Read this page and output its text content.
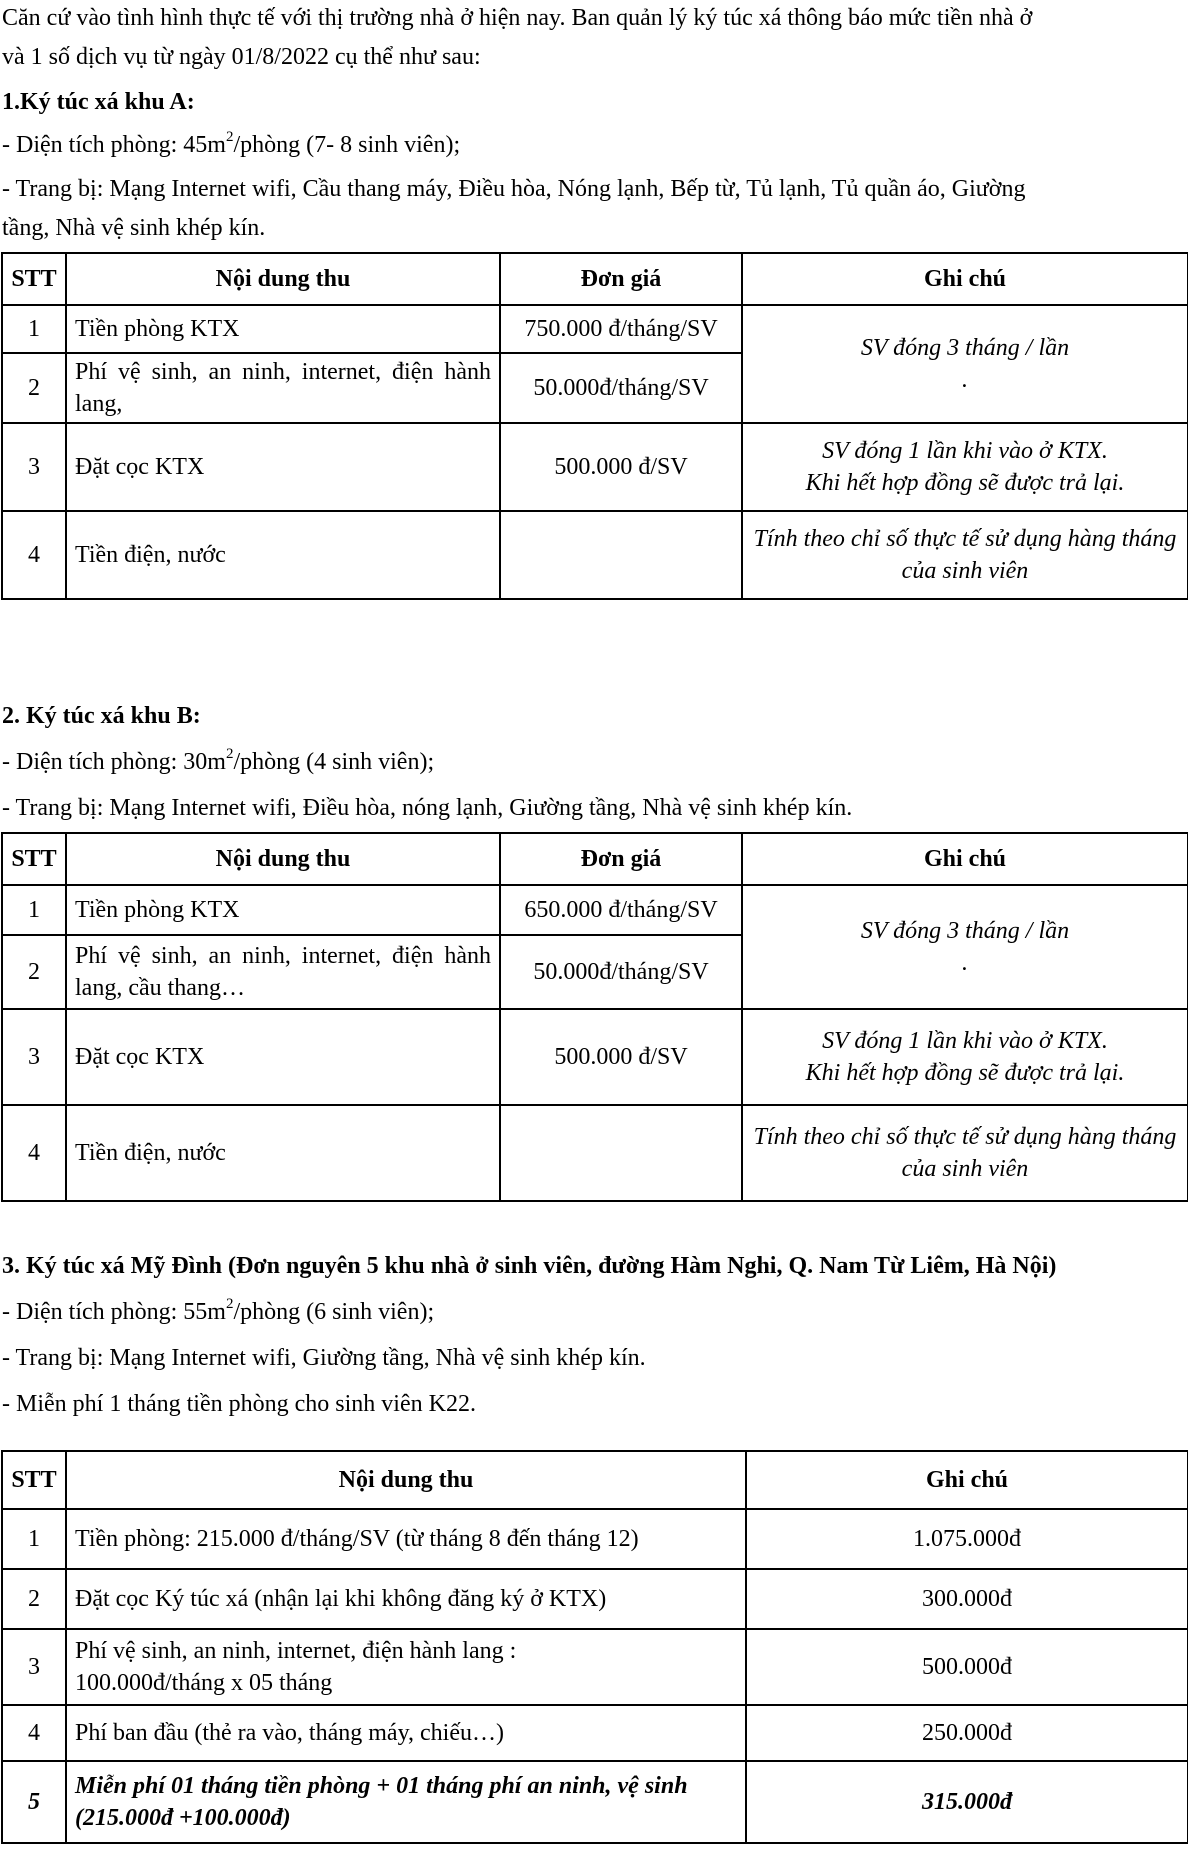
Căn cứ vào tình hình thực tế với thị trường nhà ở hiện nay. Ban quản lý ký túc xá thông báo mức tiền nhà ở
và 1 số dịch vụ từ ngày 01/8/2022 cụ thể như sau:
1.Ký túc xá khu A:
- Diện tích phòng: $45m^2$/phòng (7- 8 sinh viên);
- Trang bị: Mạng Internet wifi, Cầu thang máy, Điều hòa, Nóng lạnh, Bếp từ, Tủ lạnh, Tủ quần áo, Giường
tầng, Nhà vệ sinh khép kín.
STT	Nội dung thu	Đơn giá	Ghi chú
1	Tiền phòng KTX	750.000 đ/tháng/SV	SV đóng 3 tháng / lần
.

2	Phí vệ sinh, an ninh, internet, điện hành lang,	50.000đ/tháng/SV	
3	Đặt cọc KTX	500.000 đ/SV	SV đóng 1 lần khi vào ở KTX.
Khi hết hợp đồng sẽ được trả lại.
4	Tiền điện, nước		Tính theo chỉ số thực tế sử dụng hàng tháng của sinh viên
2. Ký túc xá khu B:
- Diện tích phòng: $30m^2$/phòng (4 sinh viên);
- Trang bị: Mạng Internet wifi, Điều hòa, nóng lạnh, Giường tầng, Nhà vệ sinh khép kín.
STT	Nội dung thu	Đơn giá	Ghi chú
1	Tiền phòng KTX	650.000 đ/tháng/SV	SV đóng 3 tháng / lần
.

2	Phí vệ sinh, an ninh, internet, điện hành lang, cầu thang…	50.000đ/tháng/SV	
3	Đặt cọc KTX	500.000 đ/SV	SV đóng 1 lần khi vào ở KTX.
Khi hết hợp đồng sẽ được trả lại.
4	Tiền điện, nước		Tính theo chỉ số thực tế sử dụng hàng tháng của sinh viên
3. Ký túc xá Mỹ Đình (Đơn nguyên 5 khu nhà ở sinh viên, đường Hàm Nghi, Q. Nam Từ Liêm, Hà Nội)
- Diện tích phòng: $55m^2$/phòng (6 sinh viên);
- Trang bị: Mạng Internet wifi, Giường tầng, Nhà vệ sinh khép kín.
- Miễn phí 1 tháng tiền phòng cho sinh viên K22.
STT	Nội dung thu	Ghi chú
1	Tiền phòng: 215.000 đ/tháng/SV (từ tháng 8 đến tháng 12)	1.075.000đ
2	Đặt cọc Ký túc xá (nhận lại khi không đăng ký ở KTX)	300.000đ
3	Phí vệ sinh, an ninh, internet, điện hành lang :
100.000đ/tháng x 05 tháng	500.000đ
4	Phí ban đầu (thẻ ra vào, tháng máy, chiếu…)	250.000đ
5	Miễn phí 01 tháng tiền phòng + 01 tháng phí an ninh, vệ sinh (215.000đ +100.000đ)	315.000đ
